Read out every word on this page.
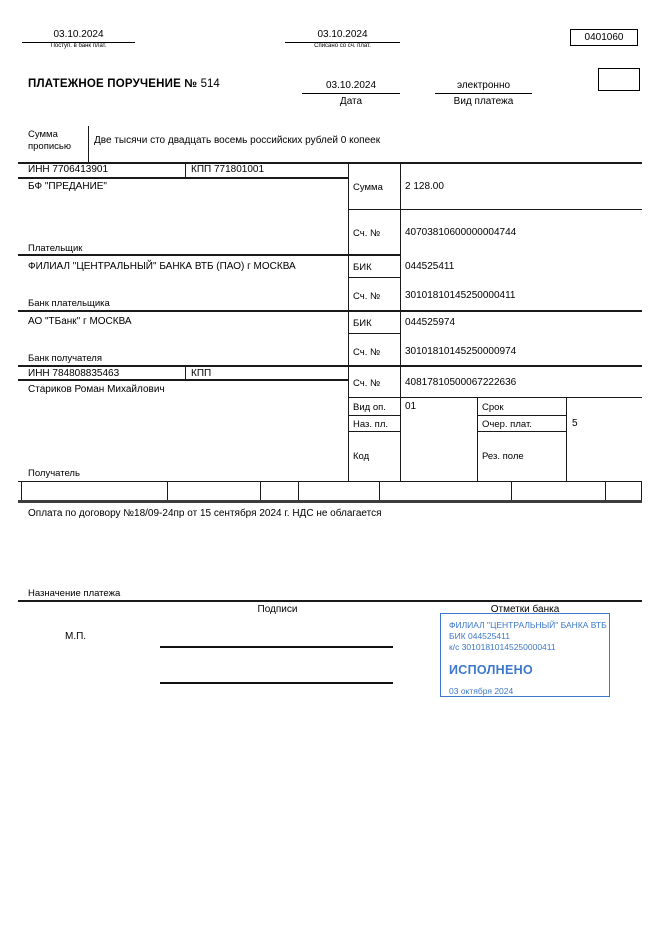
03.10.2024
Поступ. в банк плат.
03.10.2024
Списано со сч. плат.
0401060
ПЛАТЕЖНОЕ ПОРУЧЕНИЕ № 514	03.10.2024
Дата
электронно
Вид платежа
Сумма прописью
Две тысячи сто двадцать восемь российских рублей 0 копеек
ИНН 7706413901	КПП 771801001
БФ "ПРЕДАНИЕ"
Плательщик
ФИЛИАЛ "ЦЕНТРАЛЬНЫЙ" БАНКА ВТБ (ПАО) г МОСКВА
Банк плательщика
АО "ТБанк" г МОСКВА
Банк получателя
ИНН 784808835463	КПП
Стариков Роман Михайлович
Получатель
Сумма 2 128.00
Сч. № 40703810600000004744
БИК	044525411
Сч. № 30101810145250000411
БИК	044525974
Сч. № 30101810145250000974
Сч. № 40817810500067222636
Вид оп. 01	Срок
Наз. пл.	Очер. плат.	5
Код	Рез. поле
Оплата по договору №18/09-24пр от 15 сентября 2024 г. НДС не облагается
Назначение платежа
Подписи	Отметки банка
М.П.
ФИЛИАЛ "ЦЕНТРАЛЬНЫЙ" БАНКА ВТБ
БИК 044525411
к/с 30101810145250000411
ИСПОЛНЕНО
03 октября 2024
